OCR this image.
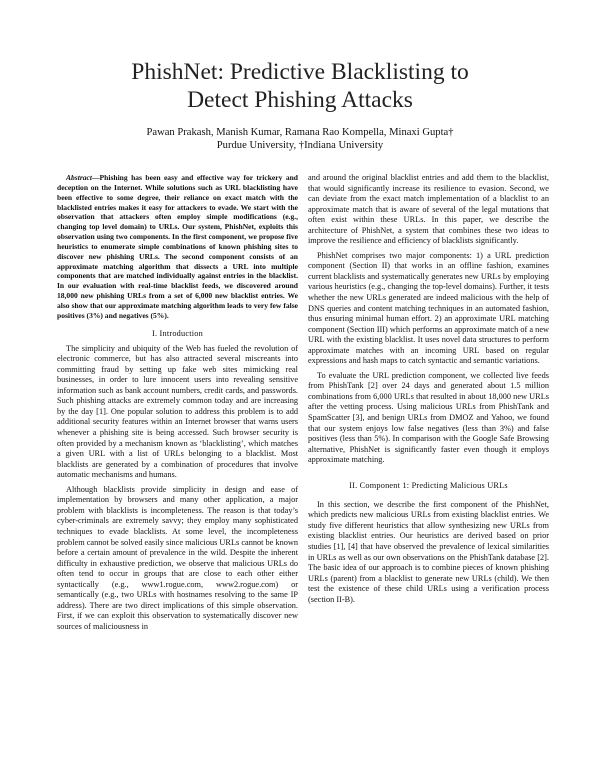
PhishNet: Predictive Blacklisting to
Detect Phishing Attacks
Pawan Prakash, Manish Kumar, Ramana Rao Kompella, Minaxi Gupta†
Purdue University, †Indiana University

Abstract—Phishing has been easy and effective way for trickery and deception on the Internet. While solutions such as URL blacklisting have been effective to some degree, their reliance on exact match with the blacklisted entries makes it easy for attackers to evade. We start with the observation that attackers often employ simple modifications (e.g., changing top level domain) to URLs. Our system, PhishNet, exploits this observation using two components. In the first component, we propose five heuristics to enumerate simple combinations of known phishing sites to discover new phishing URLs. The second component consists of an approximate matching algorithm that dissects a URL into multiple components that are matched individually against entries in the blacklist. In our evaluation with real-time blacklist feeds, we discovered around 18,000 new phishing URLs from a set of 6,000 new blacklist entries. We also show that our approximate matching algorithm leads to very few false positives (3%) and negatives (5%).

I. Introduction

The simplicity and ubiquity of the Web has fueled the revolution of electronic commerce, but has also attracted several miscreants into committing fraud by setting up fake web sites mimicking real businesses, in order to lure innocent users into revealing sensitive information such as bank account numbers, credit cards, and passwords. Such phishing attacks are extremely common today and are increasing by the day [1]. One popular solution to address this problem is to add additional security features within an Internet browser that warns users whenever a phishing site is being accessed. Such browser security is often provided by a mechanism known as ‘blacklisting’, which matches a given URL with a list of URLs belonging to a blacklist. Most blacklists are generated by a combination of procedures that involve automatic mechanisms and humans.

Although blacklists provide simplicity in design and ease of implementation by browsers and many other application, a major problem with blacklists is incompleteness. The reason is that today’s cyber-criminals are extremely savvy; they employ many sophisticated techniques to evade blacklists. At some level, the incompleteness problem cannot be solved easily since malicious URLs cannot be known before a certain amount of prevalence in the wild. Despite the inherent difficulty in exhaustive prediction, we observe that malicious URLs do often tend to occur in groups that are close to each other either syntactically (e.g., www1.rogue.com, www2.rogue.com) or semantically (e.g., two URLs with hostnames resolving to the same IP address). There are two direct implications of this simple observation. First, if we can exploit this observation to systematically discover new sources of maliciousness in

and around the original blacklist entries and add them to the blacklist, that would significantly increase its resilience to evasion. Second, we can deviate from the exact match implementation of a blacklist to an approximate match that is aware of several of the legal mutations that often exist within these URLs. In this paper, we describe the architecture of PhishNet, a system that combines these two ideas to improve the resilience and efficiency of blacklists significantly.

PhishNet comprises two major components: 1) a URL prediction component (Section II) that works in an offline fashion, examines current blacklists and systematically generates new URLs by employing various heuristics (e.g., changing the top-level domains). Further, it tests whether the new URLs generated are indeed malicious with the help of DNS queries and content matching techniques in an automated fashion, thus ensuring minimal human effort. 2) an approximate URL matching component (Section III) which performs an approximate match of a new URL with the existing blacklist. It uses novel data structures to perform approximate matches with an incoming URL based on regular expressions and hash maps to catch syntactic and semantic variations.

To evaluate the URL prediction component, we collected live feeds from PhishTank [2] over 24 days and generated about 1.5 million combinations from 6,000 URLs that resulted in about 18,000 new URLs after the vetting process. Using malicious URLs from PhishTank and SpamScatter [3], and benign URLs from DMOZ and Yahoo, we found that our system enjoys low false negatives (less than 3%) and false positives (less than 5%). In comparison with the Google Safe Browsing alternative, PhishNet is significantly faster even though it employs approximate matching.

II. Component 1: Predicting Malicious URLs

In this section, we describe the first component of the PhishNet, which predicts new malicious URLs from existing blacklist entries. We study five different heuristics that allow synthesizing new URLs from existing blacklist entries. Our heuristics are derived based on prior studies [1], [4] that have observed the prevalence of lexical similarities in URLs as well as our own observations on the PhishTank database [2]. The basic idea of our approach is to combine pieces of known phishing URLs (parent) from a blacklist to generate new URLs (child). We then test the existence of these child URLs using a verification process (section II-B).
